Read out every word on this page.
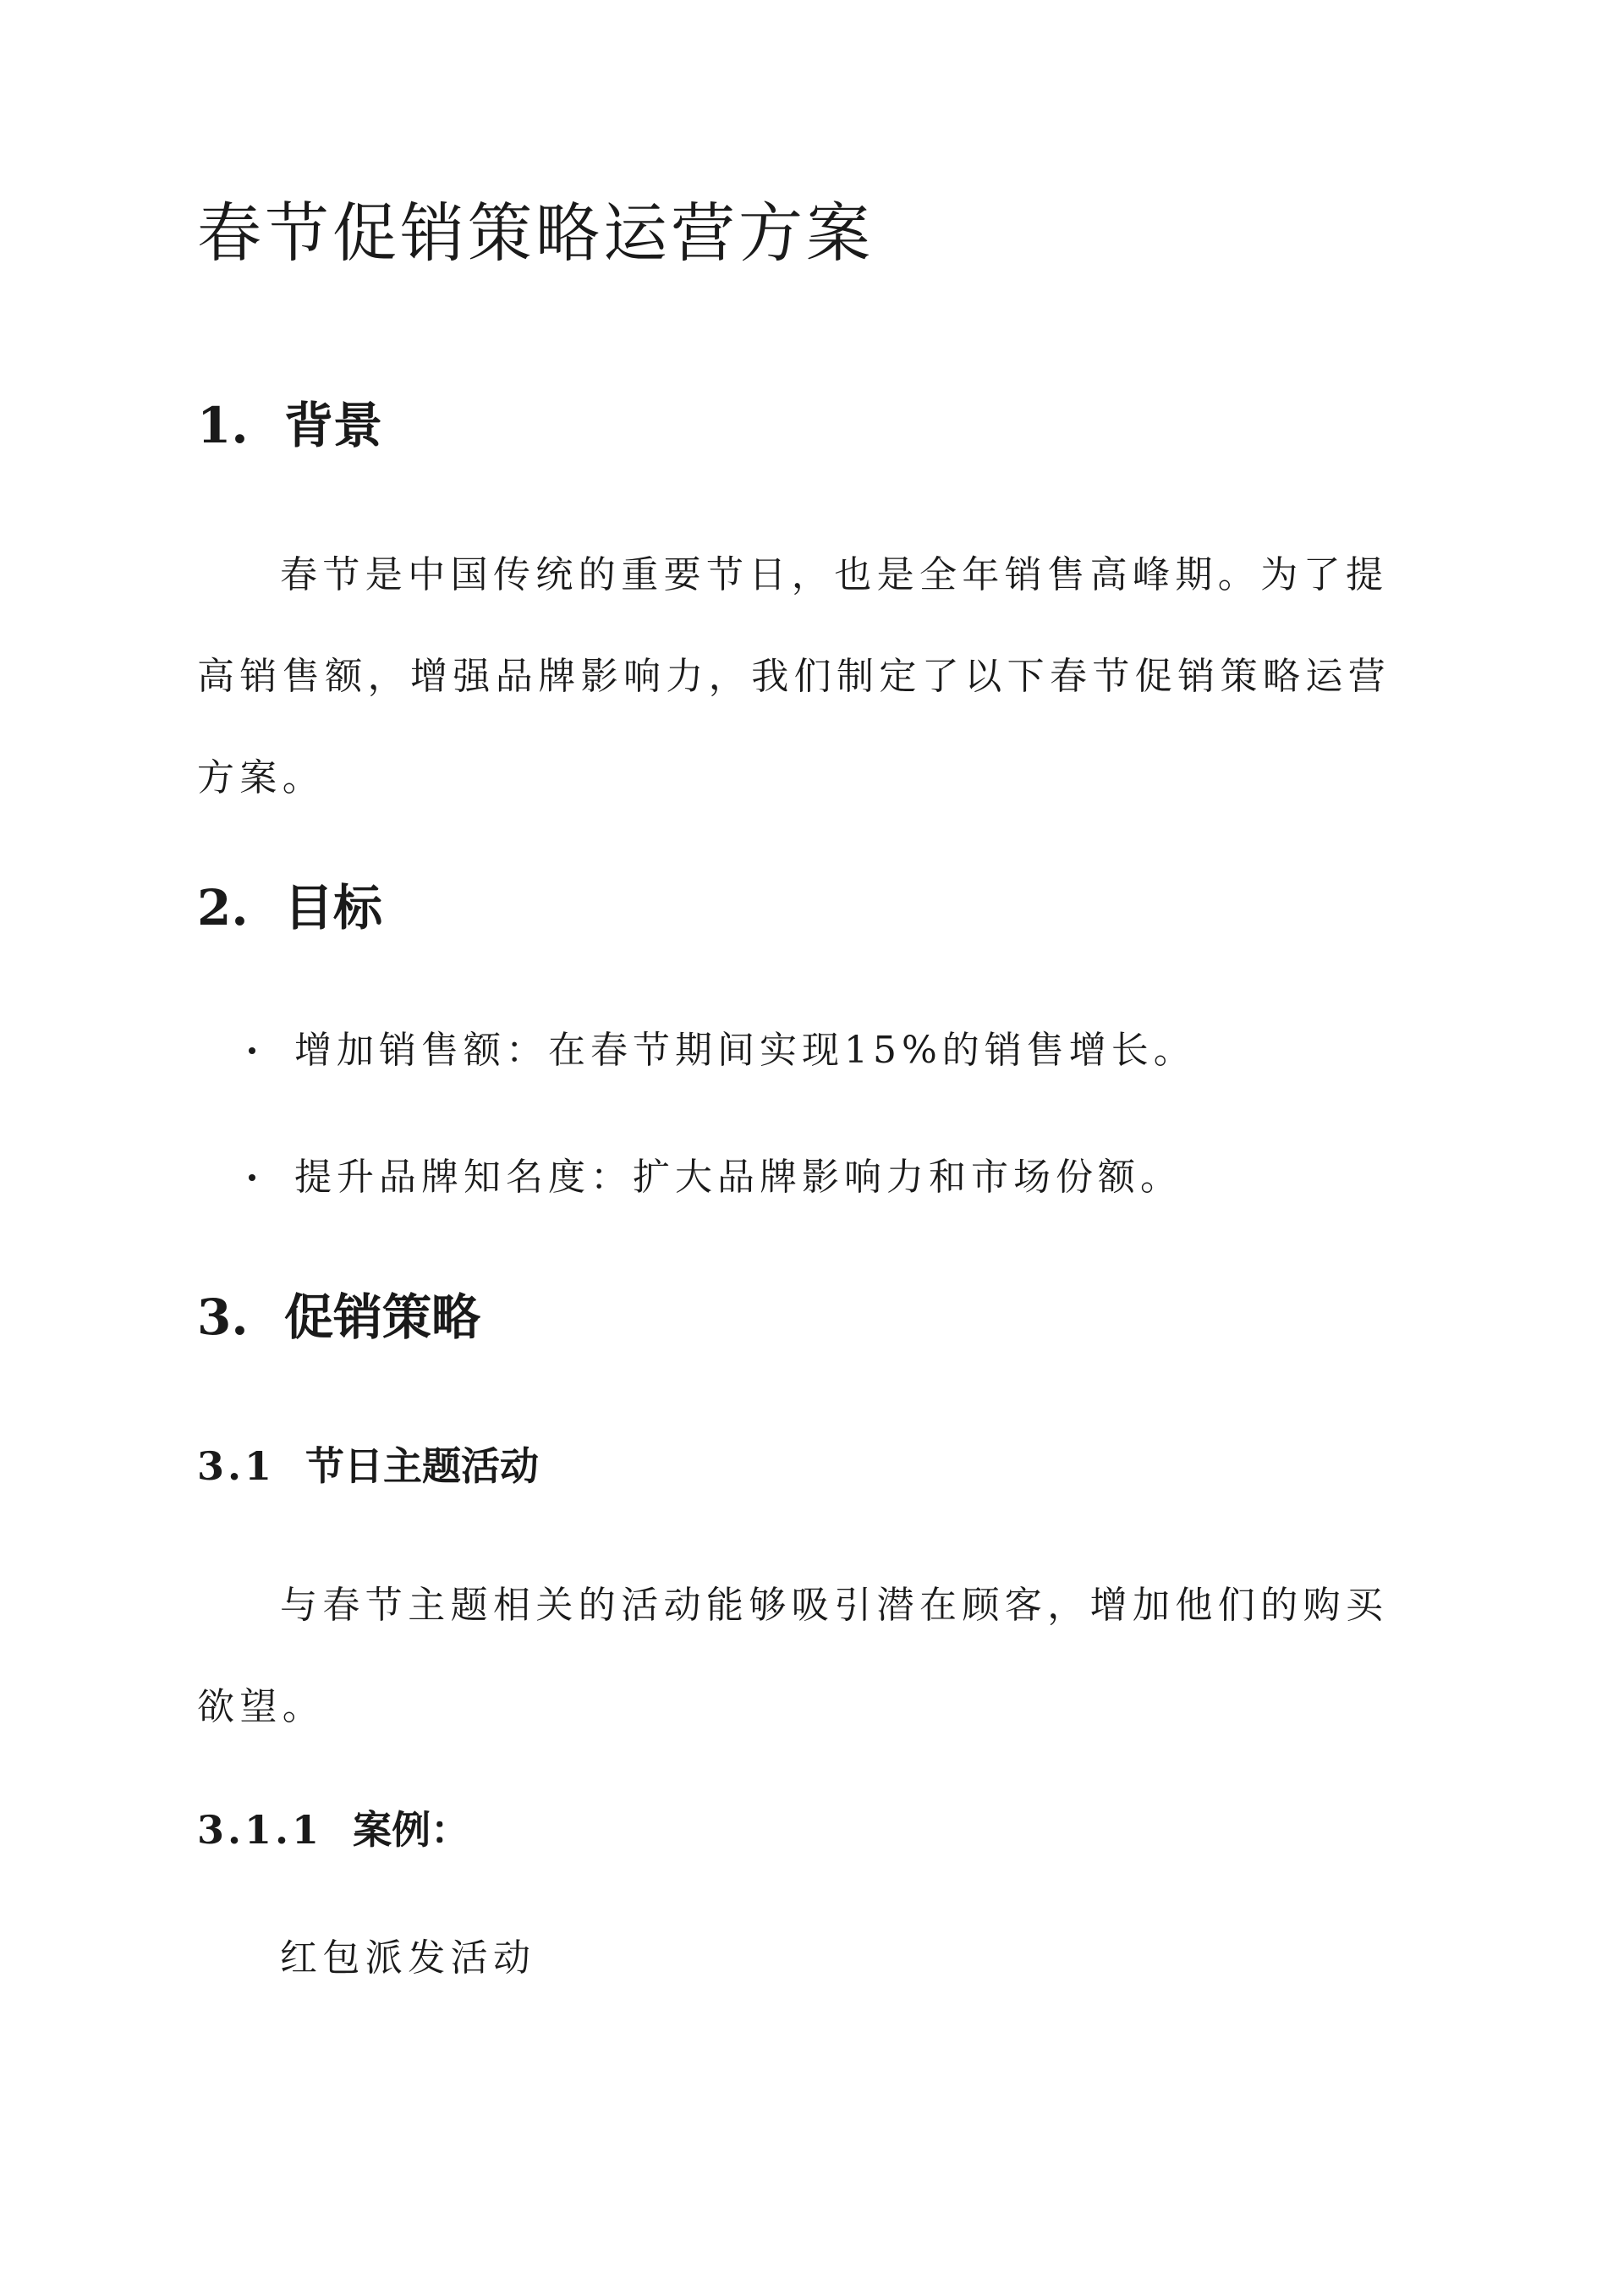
春节促销策略运营方案
1. 背景

春节是中国传统的重要节日，也是全年销售高峰期。为了提高销售额，增强品牌影响力，我们制定了以下春节促销策略运营方案。

2. 目标
增加销售额：在春节期间实现15%的销售增长。
提升品牌知名度：扩大品牌影响力和市场份额。
3. 促销策略
3.1 节日主题活动

与春节主题相关的活动能够吸引潜在顾客，增加他们的购买欲望。

3.1.1 案例：

红包派发活动
